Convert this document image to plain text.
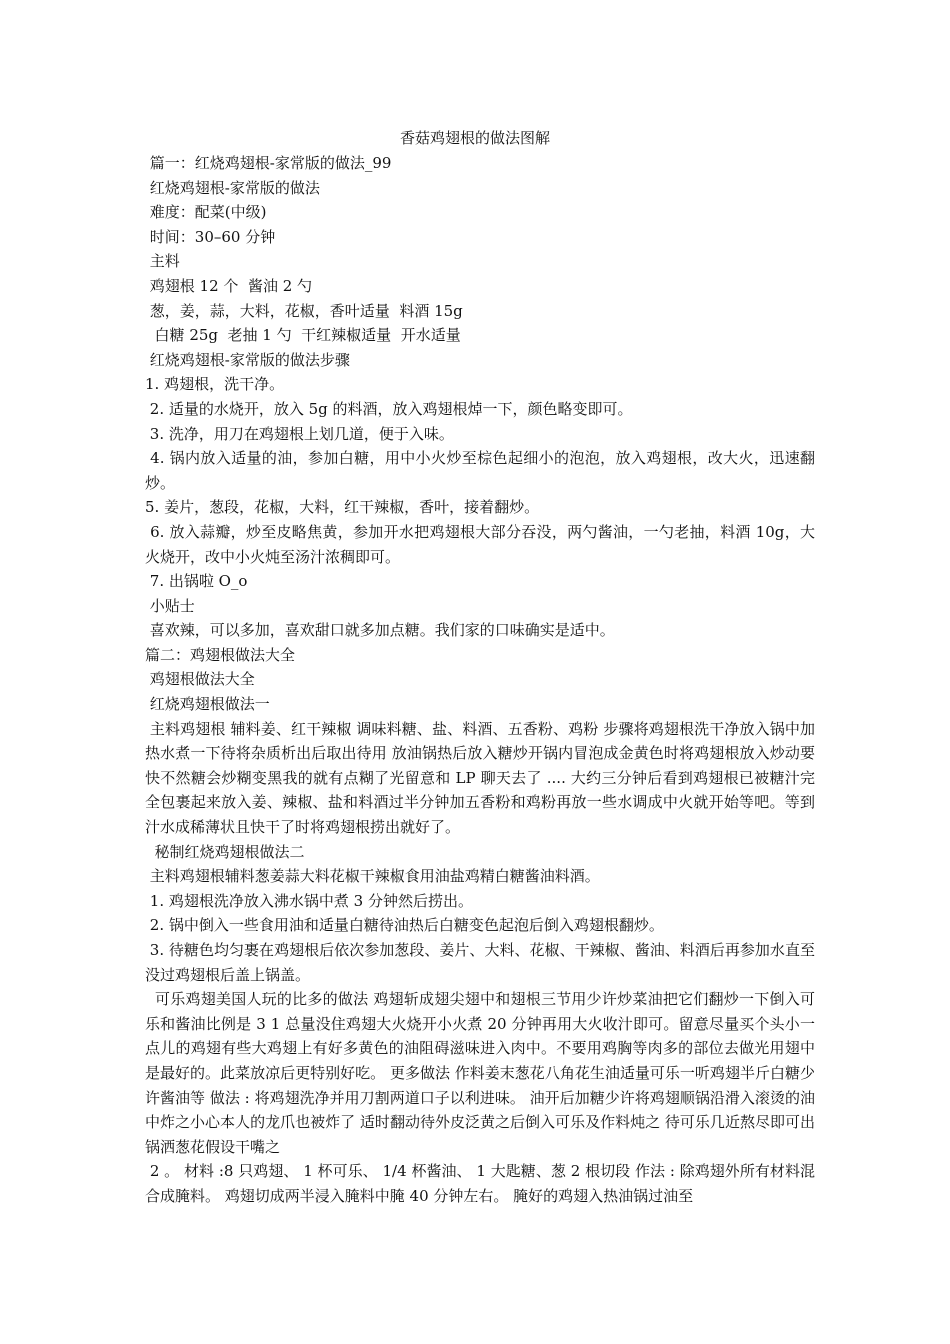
香菇鸡翅根的做法图解

篇一：红烧鸡翅根-家常版的做法_99

红烧鸡翅根-家常版的做法

难度：配菜(中级)

时间：30–60 分钟

主料

鸡翅根 12 个  酱油 2 勺

葱，姜，蒜，大料，花椒，香叶适量  料酒 15g

白糖 25g  老抽 1 勺  干红辣椒适量  开水适量

红烧鸡翅根-家常版的做法步骤

1. 鸡翅根，洗干净。

2. 适量的水烧开，放入 5g 的料酒，放入鸡翅根焯一下，颜色略变即可。

3. 洗净，用刀在鸡翅根上划几道，便于入味。

4. 锅内放入适量的油，参加白糖，用中小火炒至棕色起细小的泡泡，放入鸡翅根，改大火，迅速翻炒。

5. 姜片，葱段，花椒，大料，红干辣椒，香叶，接着翻炒。

6. 放入蒜瓣，炒至皮略焦黄，参加开水把鸡翅根大部分吞没，两勺酱油，一勺老抽，料酒 10g，大火烧开，改中小火炖至汤汁浓稠即可。

7. 出锅啦 O_o

小贴士

喜欢辣，可以多加，喜欢甜口就多加点糖。我们家的口味确实是适中。

篇二：鸡翅根做法大全

鸡翅根做法大全

红烧鸡翅根做法一

主料鸡翅根 辅料姜、红干辣椒 调味料糖、盐、料酒、五香粉、鸡粉 步骤将鸡翅根洗干净放入锅中加热水煮一下待将杂质析出后取出待用 放油锅热后放入糖炒开锅内冒泡成金黄色时将鸡翅根放入炒动要快不然糖会炒糊变黑我的就有点糊了光留意和 LP 聊天去了 .... 大约三分钟后看到鸡翅根已被糖汁完全包裹起来放入姜、辣椒、盐和料酒过半分钟加五香粉和鸡粉再放一些水调成中火就开始等吧。等到汁水成稀薄状且快干了时将鸡翅根捞出就好了。

秘制红烧鸡翅根做法二

主料鸡翅根辅料葱姜蒜大料花椒干辣椒食用油盐鸡精白糖酱油料酒。

1. 鸡翅根洗净放入沸水锅中煮 3 分钟然后捞出。

2. 锅中倒入一些食用油和适量白糖待油热后白糖变色起泡后倒入鸡翅根翻炒。

3. 待糖色均匀裹在鸡翅根后依次参加葱段、姜片、大料、花椒、干辣椒、酱油、料酒后再参加水直至没过鸡翅根后盖上锅盖。

可乐鸡翅美国人玩的比多的做法 鸡翅斩成翅尖翅中和翅根三节用少许炒菜油把它们翻炒一下倒入可乐和酱油比例是 3 1 总量没住鸡翅大火烧开小火煮 20 分钟再用大火收汁即可。留意尽量买个头小一点儿的鸡翅有些大鸡翅上有好多黄色的油阻碍滋味进入肉中。不要用鸡胸等肉多的部位去做光用翅中是最好的。此菜放凉后更特别好吃。 更多做法 作料姜末葱花八角花生油适量可乐一听鸡翅半斤白糖少许酱油等 做法 : 将鸡翅洗净并用刀割两道口子以利进味。 油开后加糖少许将鸡翅顺锅沿滑入滚烫的油中炸之小心本人的龙爪也被炸了 适时翻动待外皮泛黄之后倒入可乐及作料炖之 待可乐几近熬尽即可出锅洒葱花假设干嘴之

2 。 材料 :8 只鸡翅、 1 杯可乐、 1/4 杯酱油、 1 大匙糖、葱 2 根切段 作法 : 除鸡翅外所有材料混合成腌料。 鸡翅切成两半浸入腌料中腌 40 分钟左右。 腌好的鸡翅入热油锅过油至
